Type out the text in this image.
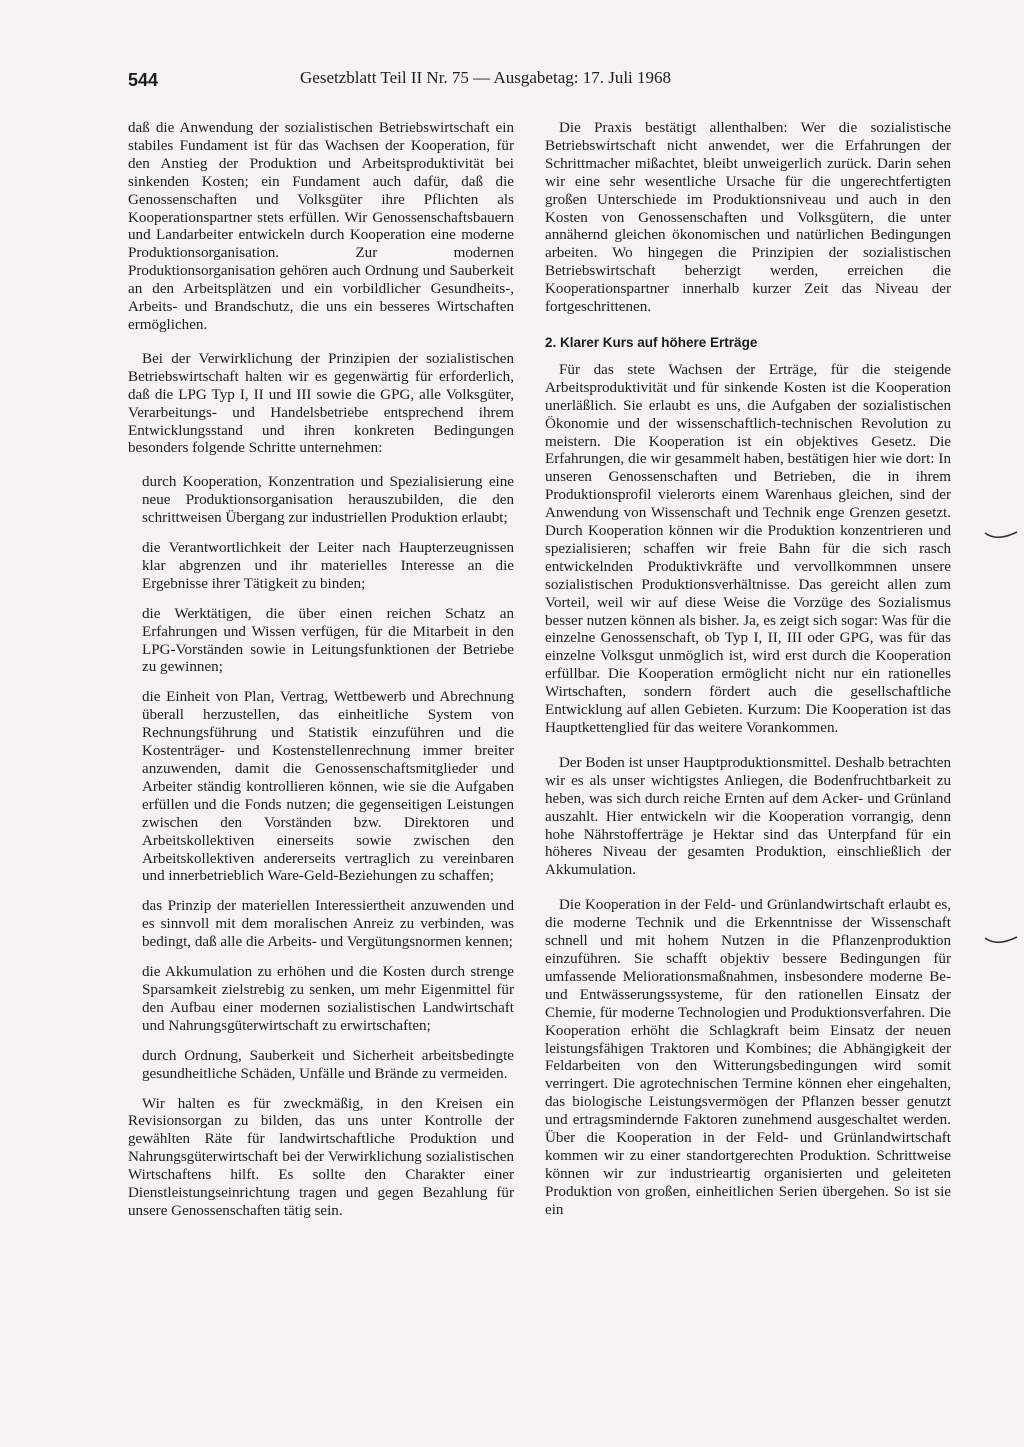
544	Gesetzblatt Teil II Nr. 75 — Ausgabetag: 17. Juli 1968

daß die Anwendung der sozialistischen Betriebswirtschaft ein stabiles Fundament ist für das Wachsen der Kooperation, für den Anstieg der Produktion und Arbeitsproduktivität bei sinkenden Kosten; ein Fundament auch dafür, daß die Genossenschaften und Volksgüter ihre Pflichten als Kooperationspartner stets erfüllen. Wir Genossenschaftsbauern und Landarbeiter entwickeln durch Kooperation eine moderne Produktionsorganisation. Zur modernen Produktionsorganisation gehören auch Ordnung und Sauberkeit an den Arbeitsplätzen und ein vorbildlicher Gesundheits-, Arbeits- und Brandschutz, die uns ein besseres Wirtschaften ermöglichen.

Bei der Verwirklichung der Prinzipien der sozialistischen Betriebswirtschaft halten wir es gegenwärtig für erforderlich, daß die LPG Typ I, II und III sowie die GPG, alle Volksgüter, Verarbeitungs- und Handelsbetriebe entsprechend ihrem Entwicklungsstand und ihren konkreten Bedingungen besonders folgende Schritte unternehmen:

durch Kooperation, Konzentration und Spezialisierung eine neue Produktionsorganisation herauszubilden, die den schrittweisen Übergang zur industriellen Produktion erlaubt;

die Verantwortlichkeit der Leiter nach Haupterzeugnissen klar abgrenzen und ihr materielles Interesse an die Ergebnisse ihrer Tätigkeit zu binden;

die Werktätigen, die über einen reichen Schatz an Erfahrungen und Wissen verfügen, für die Mitarbeit in den LPG-Vorständen sowie in Leitungsfunktionen der Betriebe zu gewinnen;

die Einheit von Plan, Vertrag, Wettbewerb und Abrechnung überall herzustellen, das einheitliche System von Rechnungsführung und Statistik einzuführen und die Kostenträger- und Kostenstellenrechnung immer breiter anzuwenden, damit die Genossenschaftsmitglieder und Arbeiter ständig kontrollieren können, wie sie die Aufgaben erfüllen und die Fonds nutzen; die gegenseitigen Leistungen zwischen den Vorständen bzw. Direktoren und Arbeitskollektiven einerseits sowie zwischen den Arbeitskollektiven andererseits vertraglich zu vereinbaren und innerbetrieblich Ware-Geld-Beziehungen zu schaffen;

das Prinzip der materiellen Interessiertheit anzuwenden und es sinnvoll mit dem moralischen Anreiz zu verbinden, was bedingt, daß alle die Arbeits- und Vergütungsnormen kennen;

die Akkumulation zu erhöhen und die Kosten durch strenge Sparsamkeit zielstrebig zu senken, um mehr Eigenmittel für den Aufbau einer modernen sozialistischen Landwirtschaft und Nahrungsgüterwirtschaft zu erwirtschaften;

durch Ordnung, Sauberkeit und Sicherheit arbeitsbedingte gesundheitliche Schäden, Unfälle und Brände zu vermeiden.

Wir halten es für zweckmäßig, in den Kreisen ein Revisionsorgan zu bilden, das uns unter Kontrolle der gewählten Räte für landwirtschaftliche Produktion und Nahrungsgüterwirtschaft bei der Verwirklichung sozialistischen Wirtschaftens hilft. Es sollte den Charakter einer Dienstleistungseinrichtung tragen und gegen Bezahlung für unsere Genossenschaften tätig sein.

Die Praxis bestätigt allenthalben: Wer die sozialistische Betriebswirtschaft nicht anwendet, wer die Erfahrungen der Schrittmacher mißachtet, bleibt unweigerlich zurück. Darin sehen wir eine sehr wesentliche Ursache für die ungerechtfertigten großen Unterschiede im Produktionsniveau und auch in den Kosten von Genossenschaften und Volksgütern, die unter annähernd gleichen ökonomischen und natürlichen Bedingungen arbeiten. Wo hingegen die Prinzipien der sozialistischen Betriebswirtschaft beherzigt werden, erreichen die Kooperationspartner innerhalb kurzer Zeit das Niveau der fortgeschrittenen.

2. Klarer Kurs auf höhere Erträge

Für das stete Wachsen der Erträge, für die steigende Arbeitsproduktivität und für sinkende Kosten ist die Kooperation unerläßlich. Sie erlaubt es uns, die Aufgaben der sozialistischen Ökonomie und der wissenschaftlich-technischen Revolution zu meistern. Die Kooperation ist ein objektives Gesetz. Die Erfahrungen, die wir gesammelt haben, bestätigen hier wie dort: In unseren Genossenschaften und Betrieben, die in ihrem Produktionsprofil vielerorts einem Warenhaus gleichen, sind der Anwendung von Wissenschaft und Technik enge Grenzen gesetzt. Durch Kooperation können wir die Produktion konzentrieren und spezialisieren; schaffen wir freie Bahn für die sich rasch entwickelnden Produktivkräfte und vervollkommnen unsere sozialistischen Produktionsverhältnisse. Das gereicht allen zum Vorteil, weil wir auf diese Weise die Vorzüge des Sozialismus besser nutzen können als bisher. Ja, es zeigt sich sogar: Was für die einzelne Genossenschaft, ob Typ I, II, III oder GPG, was für das einzelne Volksgut unmöglich ist, wird erst durch die Kooperation erfüllbar. Die Kooperation ermöglicht nicht nur ein rationelles Wirtschaften, sondern fördert auch die gesellschaftliche Entwicklung auf allen Gebieten. Kurzum: Die Kooperation ist das Hauptkettenglied für das weitere Vorankommen.

Der Boden ist unser Hauptproduktionsmittel. Deshalb betrachten wir es als unser wichtigstes Anliegen, die Bodenfruchtbarkeit zu heben, was sich durch reiche Ernten auf dem Acker- und Grünland auszahlt. Hier entwickeln wir die Kooperation vorrangig, denn hohe Nährstofferträge je Hektar sind das Unterpfand für ein höheres Niveau der gesamten Produktion, einschließlich der Akkumulation.

Die Kooperation in der Feld- und Grünlandwirtschaft erlaubt es, die moderne Technik und die Erkenntnisse der Wissenschaft schnell und mit hohem Nutzen in die Pflanzenproduktion einzuführen. Sie schafft objektiv bessere Bedingungen für umfassende Meliorationsmaßnahmen, insbesondere moderne Be- und Entwässerungssysteme, für den rationellen Einsatz der Chemie, für moderne Technologien und Produktionsverfahren. Die Kooperation erhöht die Schlagkraft beim Einsatz der neuen leistungsfähigen Traktoren und Kombines; die Abhängigkeit der Feldarbeiten von den Witterungsbedingungen wird somit verringert. Die agrotechnischen Termine können eher eingehalten, das biologische Leistungsvermögen der Pflanzen besser genutzt und ertragsmindernde Faktoren zunehmend ausgeschaltet werden. Über die Kooperation in der Feld- und Grünlandwirtschaft kommen wir zu einer standortgerechten Produktion. Schrittweise können wir zur industrieartig organisierten und geleiteten Produktion von großen, einheitlichen Serien übergehen. So ist sie ein
